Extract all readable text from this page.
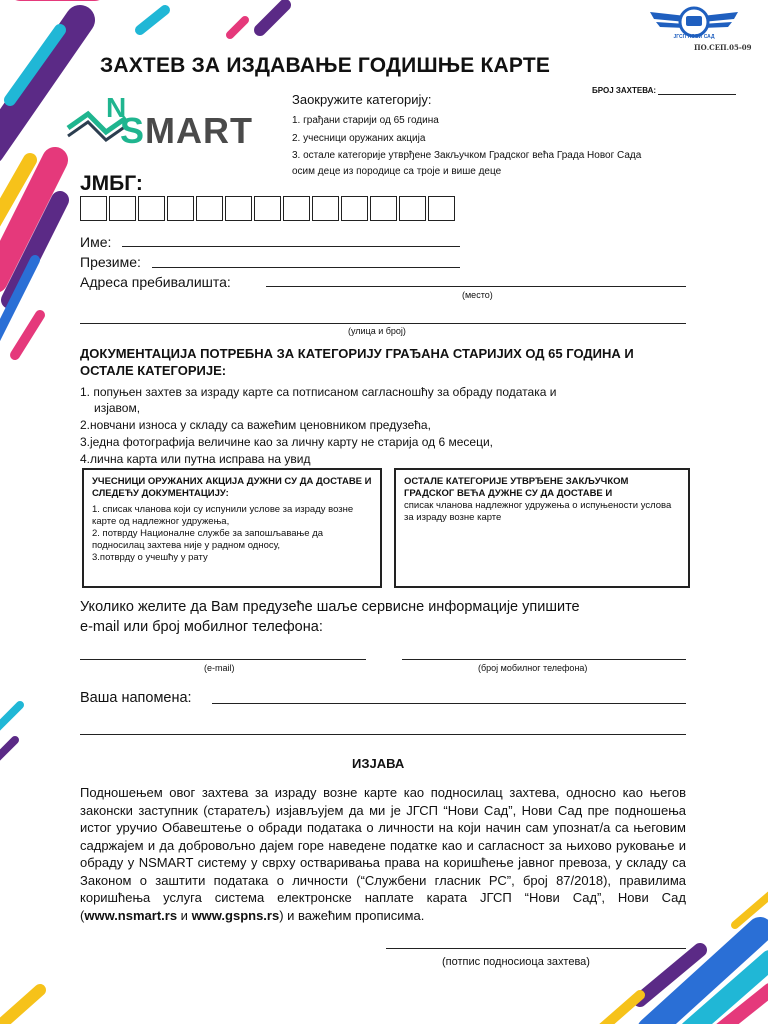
ЈГСП НОВИ САД
ПО.СЕП.05-09
ЗАХТЕВ ЗА ИЗДАВАЊЕ ГОДИШЊЕ КАРТЕ
БРОЈ ЗАХТЕВА:
N
SMART
Заокружите категорију:
1. грађани старији од 65 година
2. учесници оружаних акција
3. остале категорије утврђене Закључком Градског већа Града Новог Сада
осим деце из породице са троје и више деце
ЈМБГ:
Име:
Презиме:
Адреса пребивалишта:
(место)
(улица и број)
ДОКУМЕНТАЦИЈА ПОТРЕБНА ЗА КАТЕГОРИЈУ ГРАЂАНА СТАРИЈИХ ОД 65 ГОДИНА И ОСТАЛЕ КАТЕГОРИЈЕ:
1. попуњен захтев за израду карте са потписаном сагласношћу за обраду података и
изјавом,
2.новчани износа у складу са важећим ценовником предузећа,
3.једна фотографија величине као за личну карту не старија од 6 месеци,
4.лична карта или путна исправа на увид
УЧЕСНИЦИ ОРУЖАНИХ АКЦИЈА ДУЖНИ СУ ДА ДОСТАВЕ И СЛЕДЕЋУ ДОКУМЕНТАЦИЈУ:
1. списак чланова који су испунили услове за израду возне карте од надлежног удружења,
2. потврду Националне службе за запошљавање да подносилац захтева није у радном односу,
3.потврду о учешћу у рату
ОСТАЛЕ КАТЕГОРИЈЕ УТВРЂЕНЕ ЗАКЉУЧКОМ ГРАДСКОГ ВЕЋА ДУЖНЕ СУ ДА ДОСТАВЕ И
списак чланова надлежног удружења о испуњености услова за израду возне карте
Уколико желите да Вам предузеће шаље сервисне информације упишите
e-mail или број мобилног телефона:
(e-mail)	(број мобилног телефона)
Ваша напомена:
ИЗЈАВА
Подношењем овог захтева за израду возне карте као подносилац захтева, односно као његов законски заступник (старатељ) изјављујем да ми је ЈГСП “Нови Сад”, Нови Сад пре подношења истог уручио Обавештење о обради података о личности на који начин сам упознат/а са његовим садржајем и да добровољно дајем горе наведене податке као и сагласност за њихово руковање и обраду у NSMART систему у сврху остваривања права на коришћење јавног превоза, у складу са Законом о заштити података о личности (“Службени гласник РС”, број 87/2018), правилима коришћења услуга система електронске наплате карата ЈГСП “Нови Сад”, Нови Сад (www.nsmart.rs и www.gspns.rs) и важећим прописима.
(потпис подносиоца захтева)
